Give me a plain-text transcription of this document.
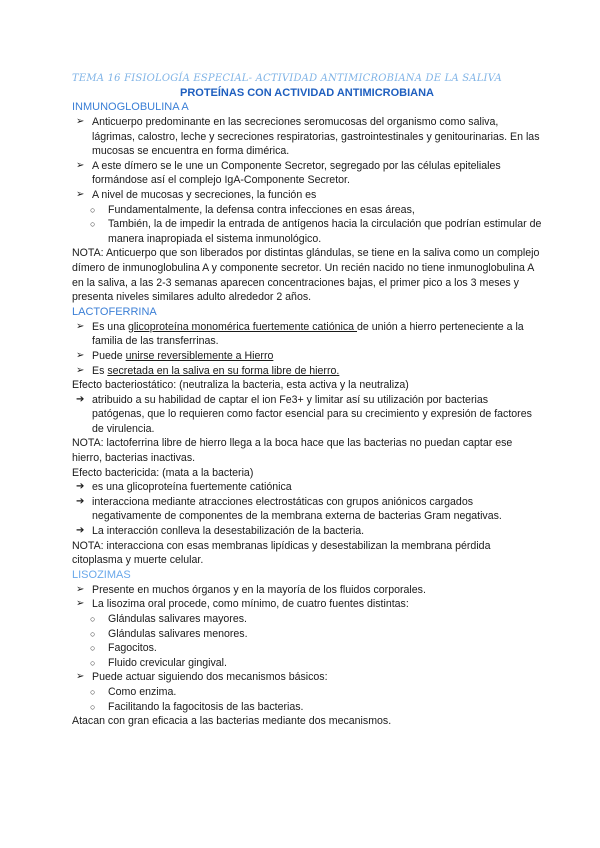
TEMA 16 FISIOLOGÍA ESPECIAL- ACTIVIDAD ANTIMICROBIANA DE LA SALIVA
PROTEÍNAS CON ACTIVIDAD ANTIMICROBIANA
INMUNOGLOBULINA A
➢ Anticuerpo predominante en las secreciones seromucosas del organismo como saliva, lágrimas, calostro, leche y secreciones respiratorias, gastrointestinales y genitourinarias. En las mucosas se encuentra en forma dimérica.
➢ A este dímero se le une un Componente Secretor, segregado por las células epiteliales formándose así el complejo IgA-Componente Secretor.
➢ A nivel de mucosas y secreciones, la función es
○ Fundamentalmente, la defensa contra infecciones en esas áreas,
○ También, la de impedir la entrada de antígenos hacia la circulación que podrían estimular de manera inapropiada el sistema inmunológico.

NOTA: Anticuerpo que son liberados por distintas glándulas, se tiene en la saliva como un complejo dímero de inmunoglobulina A y componente secretor. Un recién nacido no tiene inmunoglobulina A en la saliva, a las 2-3 semanas aparecen concentraciones bajas, el primer pico a los 3 meses y presenta niveles similares adulto alrededor 2 años.

LACTOFERRINA
➢ Es una glicoproteína monomérica fuertemente catiónica de unión a hierro perteneciente a la familia de las transferrinas.
➢ Puede unirse reversiblemente a Hierro
➢ Es secretada en la saliva en su forma libre de hierro.

Efecto bacteriostático: (neutraliza la bacteria, esta activa y la neutraliza)

➔ atribuido a su habilidad de captar el ion Fe3+ y limitar así su utilización por bacterias patógenas, que lo requieren como factor esencial para su crecimiento y expresión de factores de virulencia.

NOTA: lactoferrina libre de hierro llega a la boca hace que las bacterias no puedan captar ese hierro, bacterias inactivas.

Efecto bactericida: (mata a la bacteria)

➔ es una glicoproteína fuertemente catiónica
➔ interacciona mediante atracciones electrostáticas con grupos aniónicos cargados negativamente de componentes de la membrana externa de bacterias Gram negativas.
➔ La interacción conlleva la desestabilización de la bacteria.

NOTA: interacciona con esas membranas lipídicas y desestabilizan la membrana pérdida citoplasma y muerte celular.

LISOZIMAS
➢ Presente en muchos órganos y en la mayoría de los fluidos corporales.
➢ La lisozima oral procede, como mínimo, de cuatro fuentes distintas:
○ Glándulas salivares mayores.
○ Glándulas salivares menores.
○ Fagocitos.
○ Fluido crevicular gingival.
➢ Puede actuar siguiendo dos mecanismos básicos:
○ Como enzima.
○ Facilitando la fagocitosis de las bacterias.

Atacan con gran eficacia a las bacterias mediante dos mecanismos.
